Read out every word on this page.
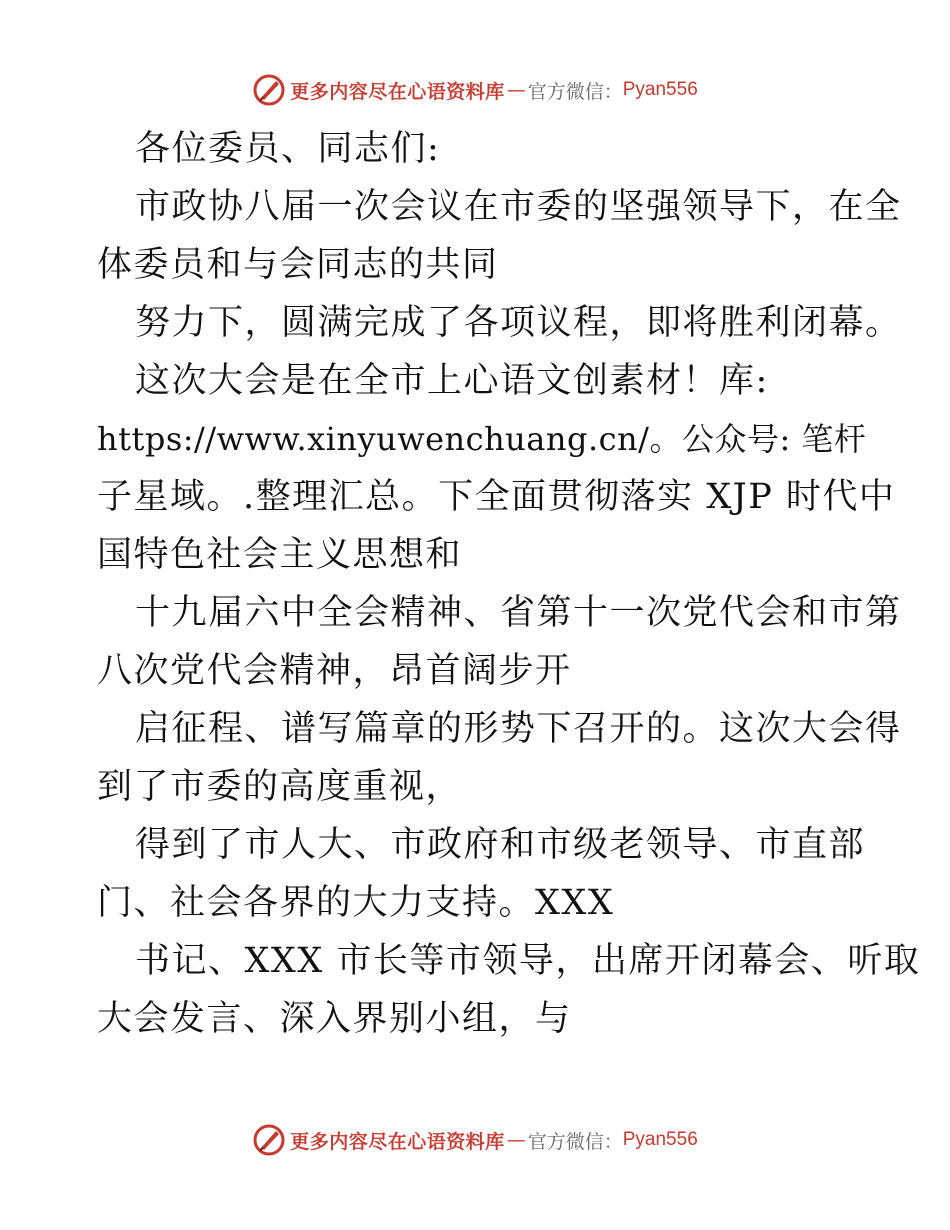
更多内容尽在心语资料库 — 官方微信： Pyan556
各位委员、同志们:
市政协八届一次会议在市委的坚强领导下，在全
体委员和与会同志的共同
努力下，圆满完成了各项议程，即将胜利闭幕。
这次大会是在全市上心语文创素材！库:
https://www.xinyuwenchuang.cn/。公众号: 笔杆
子星域。.整理汇总。下全面贯彻落实 XJP 时代中
国特色社会主义思想和
十九届六中全会精神、省第十一次党代会和市第
八次党代会精神，昂首阔步开
启征程、谱写篇章的形势下召开的。这次大会得
到了市委的高度重视，
得到了市人大、市政府和市级老领导、市直部
门、社会各界的大力支持。XXX
书记、XXX 市长等市领导，出席开闭幕会、听取
大会发言、深入界别小组，与
更多内容尽在心语资料库 — 官方微信： Pyan556
